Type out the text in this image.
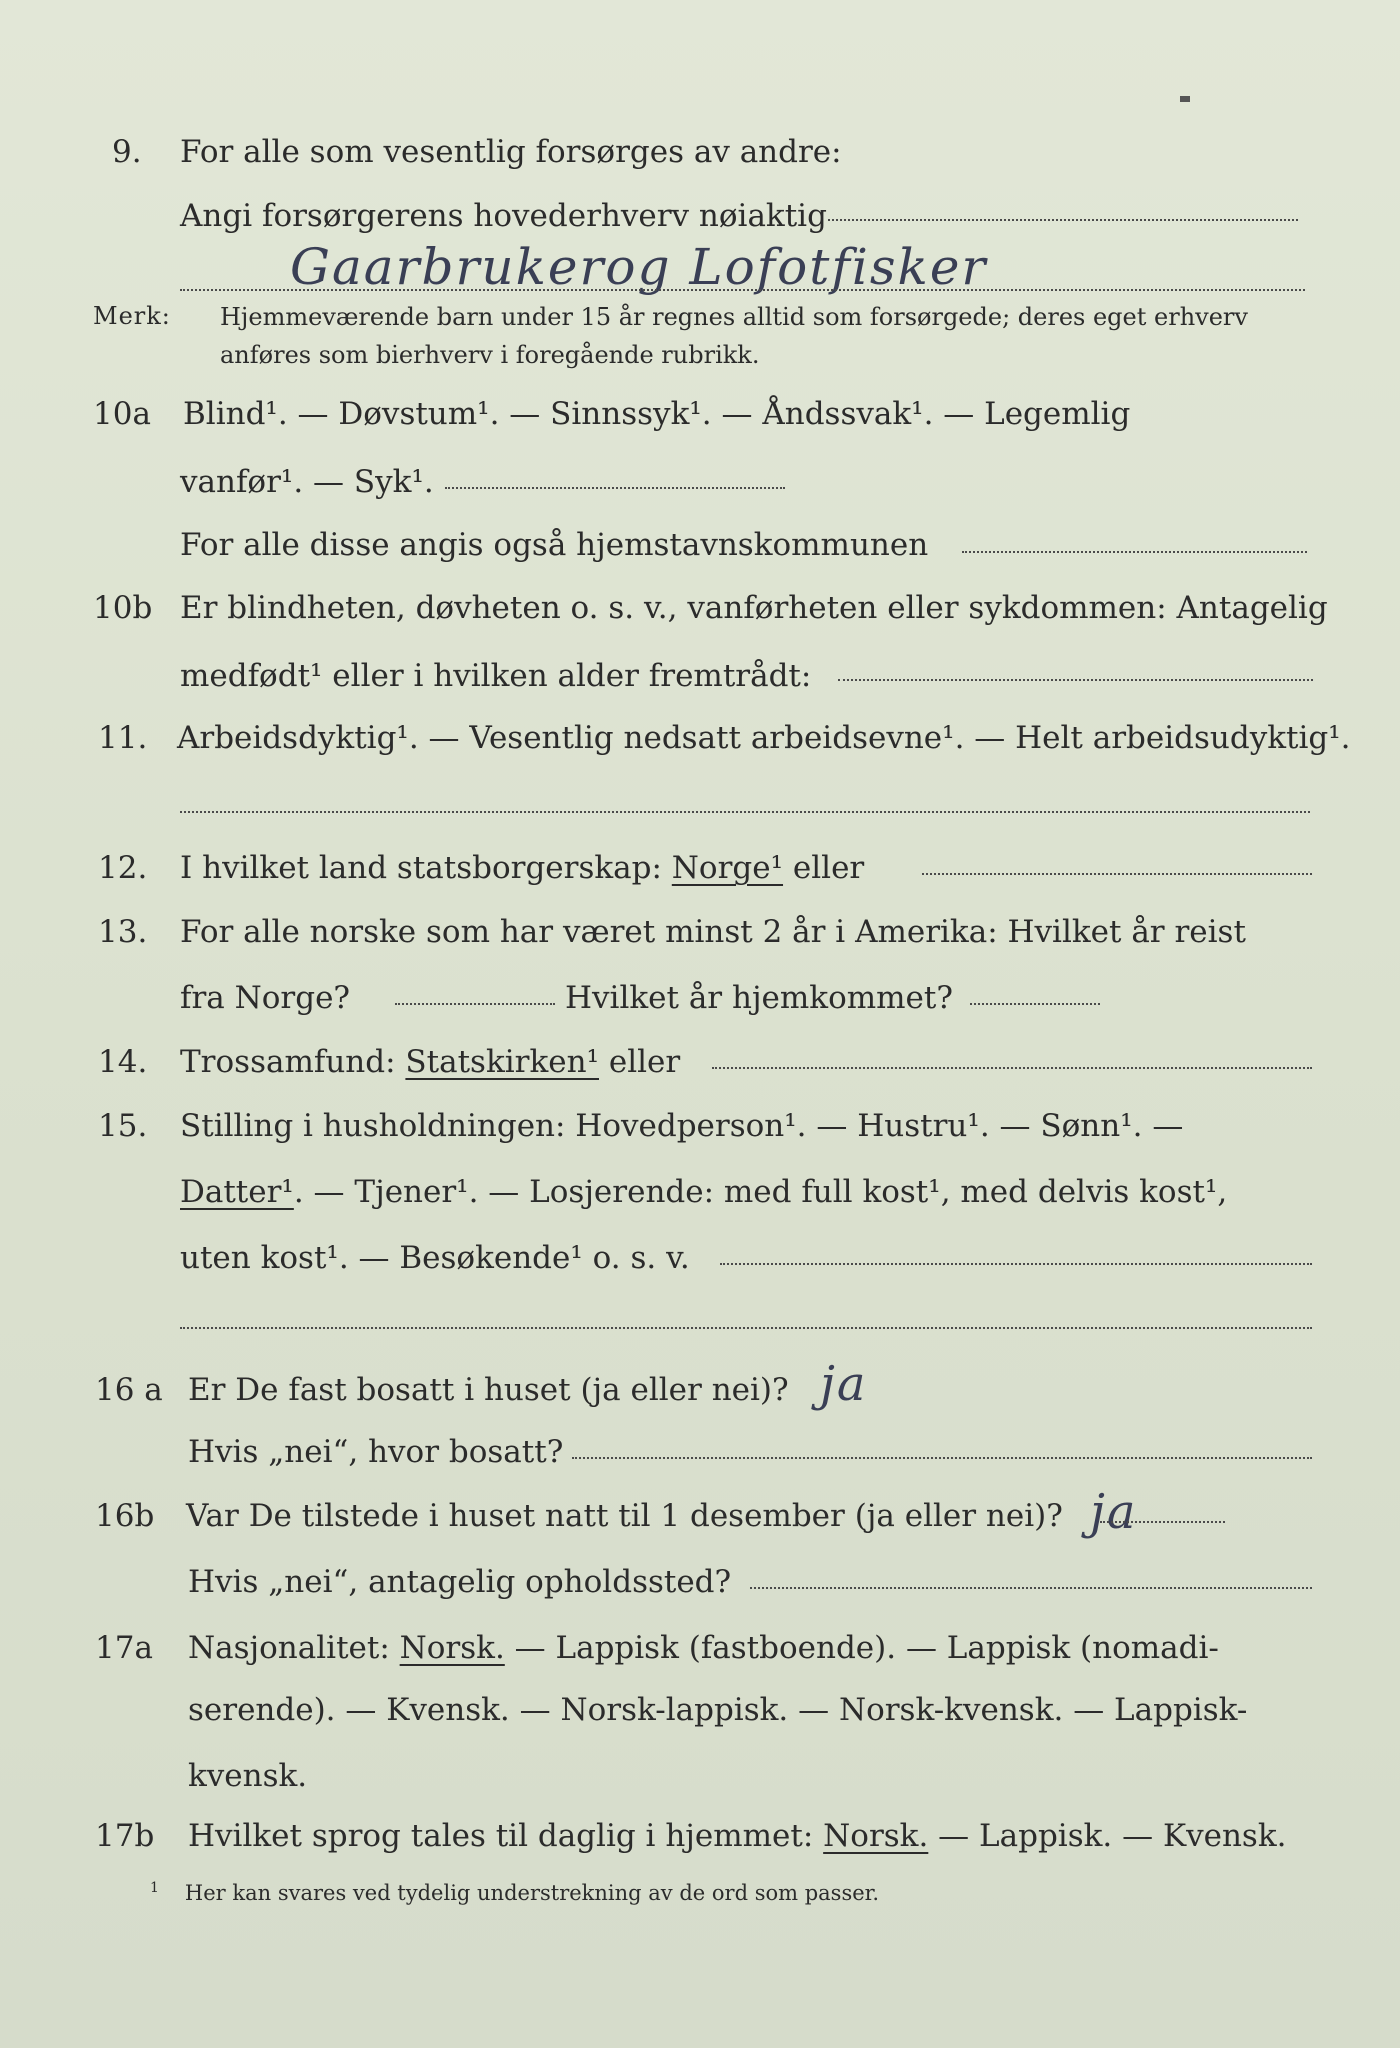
9. For alle som vesentlig forsørges av andre:
Angi forsørgerens hovederhverv nøiaktig
Gaarbrukerog Lofotfisker
Merk: Hjemmeværende barn under 15 år regnes alltid som forsørgede; deres eget erhverv anføres som bierhverv i foregående rubrikk.
10a Blind¹. — Døvstum¹. — Sinnssyk¹. — Åndssvak¹. — Legemlig
vanfør¹. — Syk¹.
For alle disse angis også hjemstavnskommunen
10b Er blindheten, døvheten o. s. v., vanførheten eller sykdommen: Antagelig
medfødt¹ eller i hvilken alder fremtrådt:
11. Arbeidsdyktig¹. — Vesentlig nedsatt arbeidsevne¹. — Helt arbeidsudyktig¹.
12. I hvilket land statsborgerskap: Norge¹ eller
13. For alle norske som har været minst 2 år i Amerika: Hvilket år reist
fra Norge?	Hvilket år hjemkommet?
14. Trossamfund: Statskirken¹ eller
15. Stilling i husholdningen: Hovedperson¹. — Hustru¹. — Sønn¹. —
Datter¹. — Tjener¹. — Losjerende: med full kost¹, med delvis kost¹,
uten kost¹. — Besøkende¹ o. s. v.
16 a Er De fast bosatt i huset (ja eller nei)? ja
Hvis „nei“, hvor bosatt?
16b Var De tilstede i huset natt til 1 desember (ja eller nei)? ja
Hvis „nei“, antagelig opholdssted?
17a Nasjonalitet: Norsk. — Lappisk (fastboende). — Lappisk (nomadi-
serende). — Kvensk. — Norsk-lappisk. — Norsk-kvensk. — Lappisk-
kvensk.
17b Hvilket sprog tales til daglig i hjemmet: Norsk. — Lappisk. — Kvensk.
$^1$ Her kan svares ved tydelig understrekning av de ord som passer.
